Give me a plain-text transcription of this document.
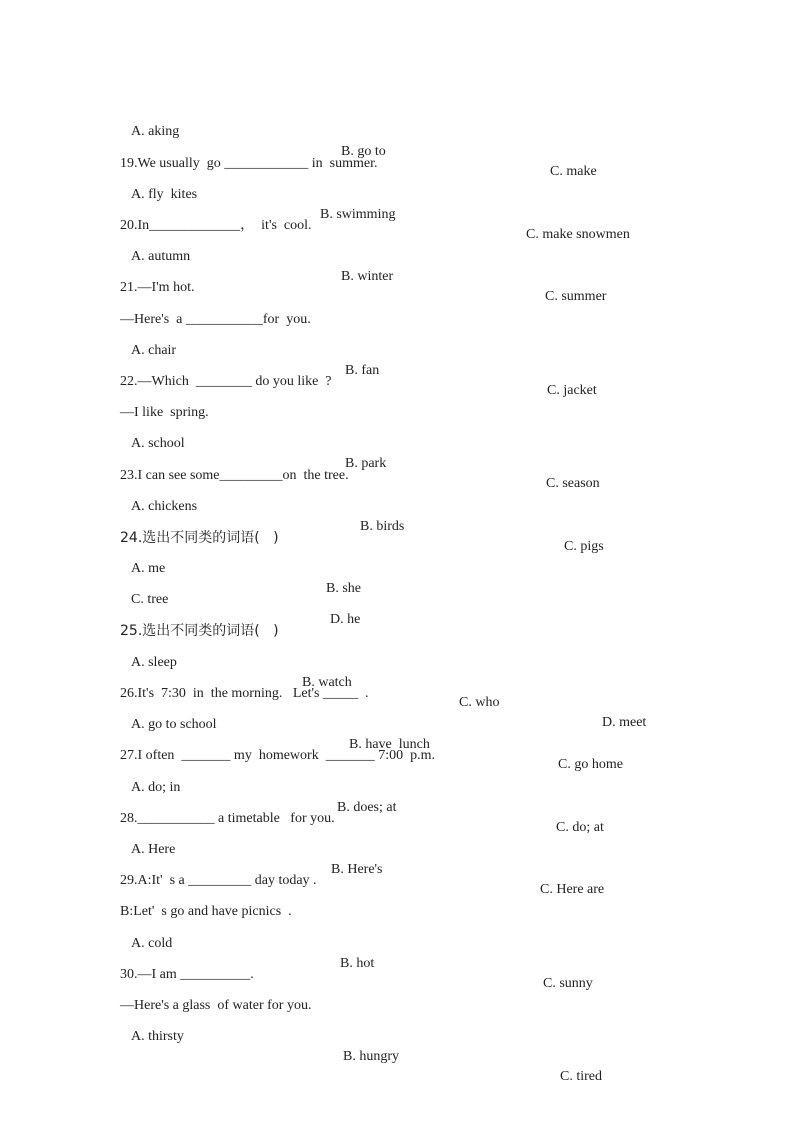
A. aking

B. go to

C. make

19.We usually  go ____________ in  summer.

A. fly  kites

B. swimming

C. make snowmen

20.In_____________，  it's  cool.

A. autumn

B. winter

C. summer

21.—I'm hot.

—Here's  a ___________for  you.

A. chair

B. fan

C. jacket

22.—Which  ________ do you like  ?

—I like  spring.

A. school

B. park

C. season

23.I can see some_________on  the tree.

A. chickens

B. birds

C. pigs

24.选出不同类的词语(   )

A. me

B. she

C. tree

D. he

25.选出不同类的词语(   )

A. sleep

B. watch

C. who

D. meet

26.It's  7:30  in  the morning.   Let's _____  .

A. go to school

B. have  lunch

C. go home

27.I often  _______ my  homework  _______ 7:00  p.m.

A. do; in

B. does; at

C. do; at

28.___________ a timetable   for you.

A. Here

B. Here's

C. Here are

29.A:It'  s a _________ day today .

B:Let'  s go and have picnics  .

A. cold

B. hot

C. sunny

30.—I am __________.

—Here's a glass  of water for you.

A. thirsty

B. hungry

C. tired
